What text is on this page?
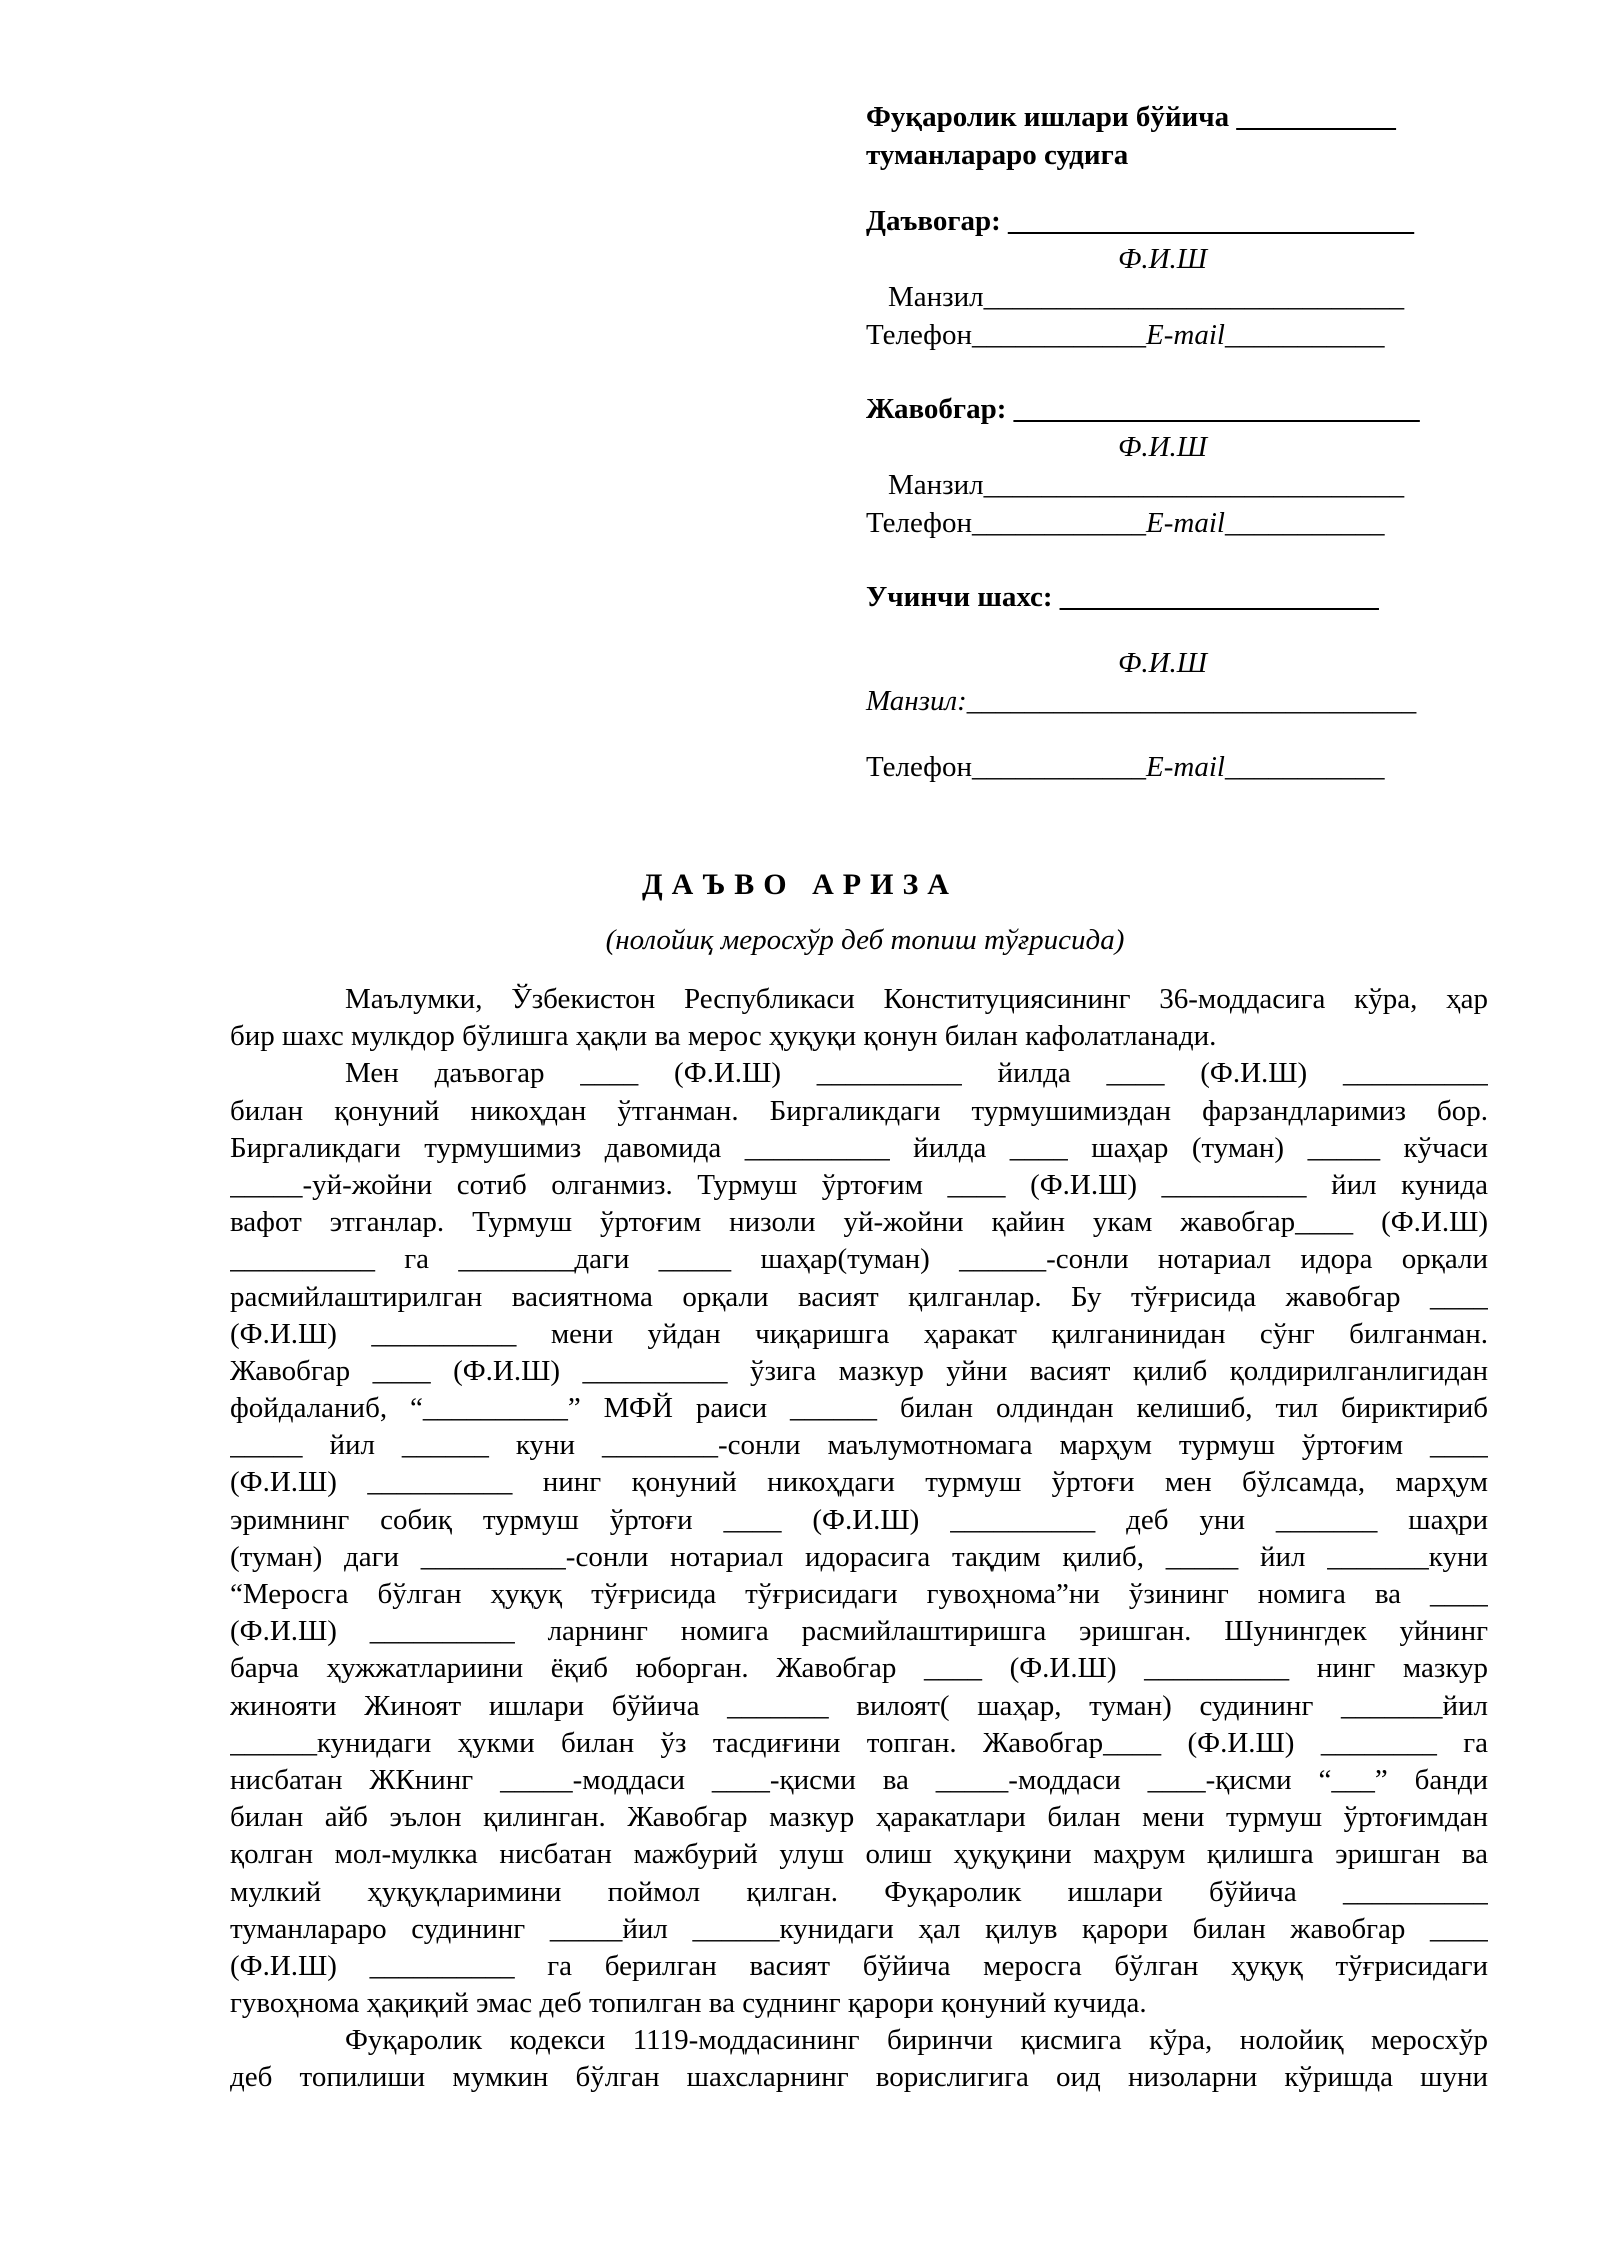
Фуқаролик ишлари бўйича ___________
туманлараро судига
Даъвогар: ____________________________
Ф.И.Ш
Манзил_____________________________
Телефон____________E-mail___________
Жавобгар: ____________________________
Ф.И.Ш
Манзил_____________________________
Телефон____________E-mail___________
Учинчи шахс: ______________________
Ф.И.Ш
Манзил:_______________________________
Телефон____________E-mail___________
ДАЪВО АРИЗА
(нолойиқ меросхўр деб топиш тўғрисида)
Маълумки, Ўзбекистон Республикаси Конституциясининг 36-моддасига кўра, ҳар
бир шахс мулкдор бўлишга ҳақли ва мерос ҳуқуқи қонун билан кафолатланади.
Мен даъвогар ____ (Ф.И.Ш) __________ йилда ____ (Ф.И.Ш) __________
билан қонуний никоҳдан ўтганман. Биргаликдаги турмушимиздан фарзандларимиз бор.
Биргаликдаги турмушимиз давомида __________ йилда ____ шаҳар (туман) _____ кўчаси
_____-уй-жойни сотиб олганмиз. Турмуш ўртоғим ____ (Ф.И.Ш) __________ йил кунида
вафот этганлар. Турмуш ўртоғим низоли уй-жойни қайин укам жавобгар____ (Ф.И.Ш)
__________ га ________даги _____ шаҳар(туман) ______-сонли нотариал идора орқали
расмийлаштирилган васиятнома орқали васият қилганлар. Бу тўғрисида жавобгар ____
(Ф.И.Ш) __________ мени уйдан чиқаришга ҳаракат қилганинидан сўнг билганман.
Жавобгар ____ (Ф.И.Ш) __________ ўзига мазкур уйни васият қилиб қолдирилганлигидан
фойдаланиб, “__________” МФЙ раиси ______ билан олдиндан келишиб, тил бириктириб
_____ йил ______ куни ________-сонли маълумотномага марҳум турмуш ўртоғим ____
(Ф.И.Ш) __________ нинг қонуний никоҳдаги турмуш ўртоғи мен бўлсамда, марҳум
эримнинг собиқ турмуш ўртоғи ____ (Ф.И.Ш) __________ деб уни _______ шаҳри
(туман) даги __________-сонли нотариал идорасига тақдим қилиб, _____ йил _______куни
“Меросга бўлган ҳуқуқ тўғрисида тўғрисидаги гувоҳнома”ни ўзининг номига ва ____
(Ф.И.Ш) __________ ларнинг номига расмийлаштиришга эришган. Шунингдек уйнинг
барча ҳужжатлариини ёқиб юборган. Жавобгар ____ (Ф.И.Ш) __________ нинг мазкур
жинояти Жиноят ишлари бўйича _______ вилоят( шаҳар, туман) судининг _______йил
______кунидаги ҳукми билан ўз тасдиғини топган. Жавобгар____ (Ф.И.Ш) ________ га
нисбатан ЖКнинг _____-моддаси ____-қисми ва _____-моддаси ____-қисми “___” банди
билан айб эълон қилинган. Жавобгар мазкур ҳаракатлари билан мени турмуш ўртоғимдан
қолган мол-мулкка нисбатан мажбурий улуш олиш ҳуқуқини маҳрум қилишга эришган ва
мулкий ҳуқуқларимини поймол қилган. Фуқаролик ишлари бўйича __________
туманлараро судининг _____йил ______кунидаги ҳал қилув қарори билан жавобгар ____
(Ф.И.Ш) __________ га берилган васият бўйича меросга бўлган ҳуқуқ тўғрисидаги
гувоҳнома ҳақиқий эмас деб топилган ва суднинг қарори қонуний кучида.
Фуқаролик кодекси 1119-моддасининг биринчи қисмига кўра, нолойиқ меросхўр
деб топилиши мумкин бўлган шахсларнинг ворислигига оид низоларни кўришда шуни
